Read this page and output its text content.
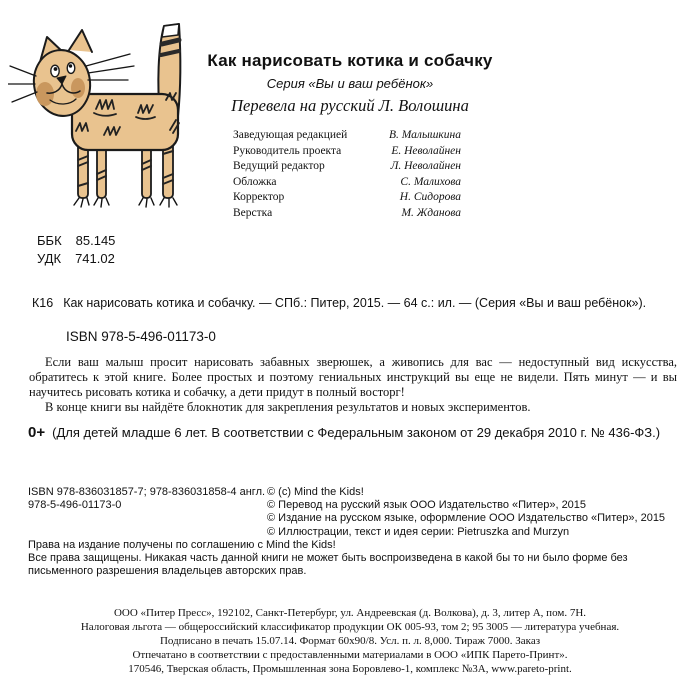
Как нарисовать котика и собачку
Серия «Вы и ваш ребёнок»
Перевела на русский Л. Волошина
Заведующая редакцией	В. Малышкина
Руководитель проекта	Е. Неволайнен
Ведущий редактор	Л. Неволайнен
Обложка	С. Малихова
Корректор	Н. Сидорова
Верстка	М. Жданова
ББК 85.145
УДК 741.02
К16 Как нарисовать котика и собачку. — СПб.: Питер, 2015. — 64 с.: ил. — (Серия «Вы и ваш ребёнок»).
ISBN 978-5-496-01173-0
Если ваш малыш просит нарисовать забавных зверюшек, а живопись для вас — недоступный вид искусства, обратитесь к этой книге. Более простых и поэтому гениальных инструкций вы еще не видели. Пять минут — и вы научитесь рисовать котика и собачку, а дети придут в полный восторг!
В конце книги вы найдёте блокнотик для закрепления результатов и новых экспериментов.
0+ (Для детей младше 6 лет. В соответствии с Федеральным законом от 29 декабря 2010 г. № 436-ФЗ.)
ISBN 978-836031857-7; 978-836031858-4 англ.
978-5-496-01173-0
© (c) Mind the Kids!
© Перевод на русский язык ООО Издательство «Питер», 2015
© Издание на русском языке, оформление ООО Издательство «Питер», 2015
© Иллюстрации, текст и идея серии: Pietruszka and Murzyn
Права на издание получены по соглашению с Mind the Kids!
Все права защищены. Никакая часть данной книги не может быть воспроизведена в какой бы то ни было форме без письменного разрешения владельцев авторских прав.
ООО «Питер Пресс», 192102, Санкт-Петербург, ул. Андреевская (д. Волкова), д. 3, литер А, пом. 7Н.
Налоговая льгота — общероссийский классификатор продукции ОК 005-93, том 2; 95 3005 — литература учебная.
Подписано в печать 15.07.14. Формат 60х90/8. Усл. п. л. 8,000. Тираж 7000. Заказ
Отпечатано в соответствии с предоставленными материалами в ООО «ИПК Парето-Принт».
170546, Тверская область, Промышленная зона Боровлево-1, комплекс №3А, www.pareto-print.
